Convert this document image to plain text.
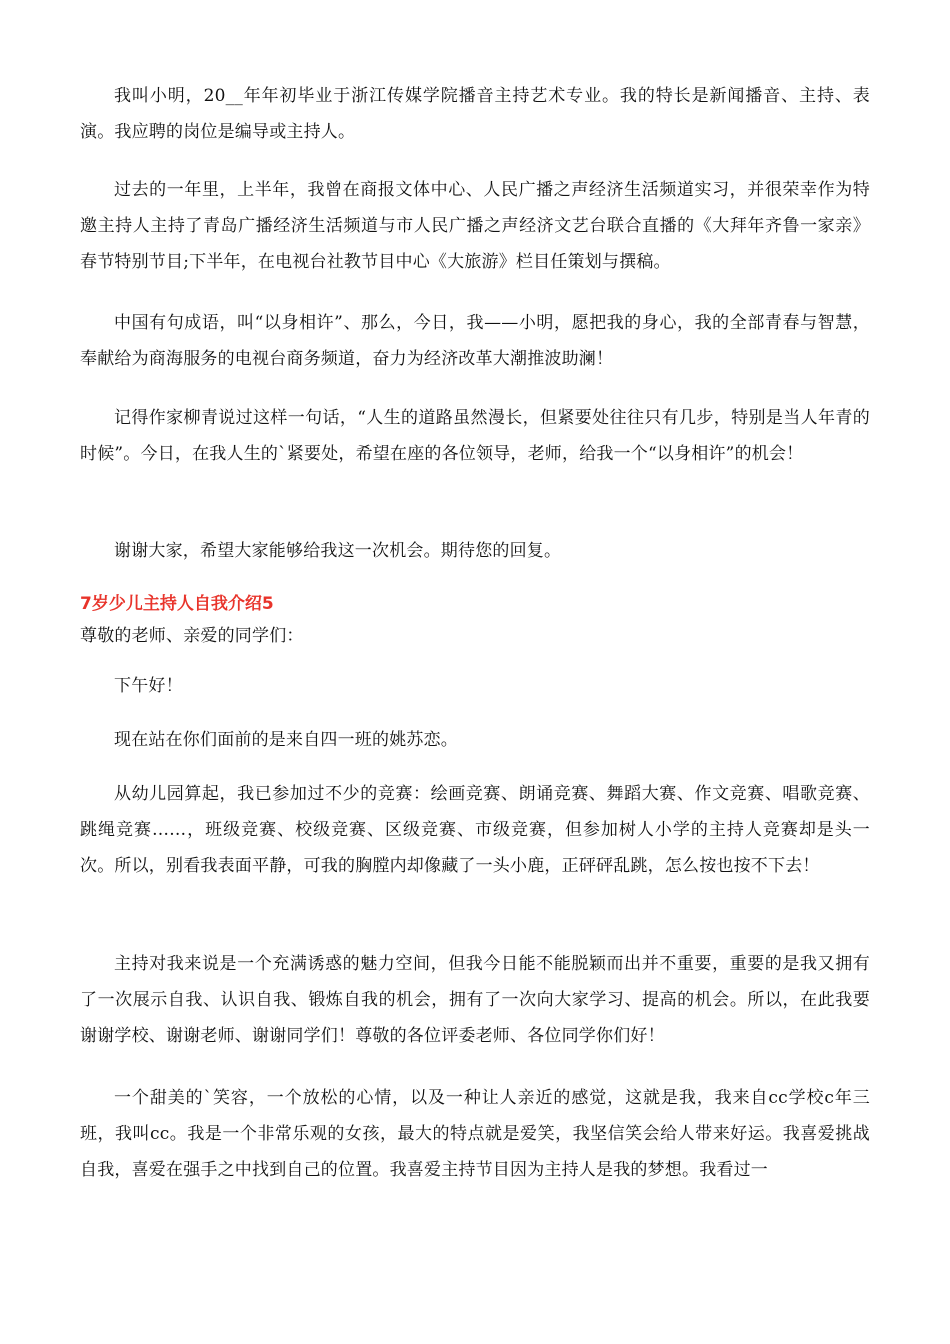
我叫小明，20__年年初毕业于浙江传媒学院播音主持艺术专业。我的特长是新闻播音、主持、表演。我应聘的岗位是编导或主持人。

过去的一年里，上半年，我曾在商报文体中心、人民广播之声经济生活频道实习，并很荣幸作为特邀主持人主持了青岛广播经济生活频道与市人民广播之声经济文艺台联合直播的《大拜年齐鲁一家亲》春节特别节目;下半年，在电视台社教节目中心《大旅游》栏目任策划与撰稿。

中国有句成语，叫“以身相许”、那么，今日，我——小明，愿把我的身心，我的全部青春与智慧，奉献给为商海服务的电视台商务频道，奋力为经济改革大潮推波助澜！

记得作家柳青说过这样一句话，“人生的道路虽然漫长，但紧要处往往只有几步，特别是当人年青的时候”。今日，在我人生的`紧要处，希望在座的各位领导，老师，给我一个“以身相许”的机会！

谢谢大家，希望大家能够给我这一次机会。期待您的回复。

7岁少儿主持人自我介绍5

尊敬的老师、亲爱的同学们：

下午好！

现在站在你们面前的是来自四一班的姚苏恋。

从幼儿园算起，我已参加过不少的竞赛：绘画竞赛、朗诵竞赛、舞蹈大赛、作文竞赛、唱歌竞赛、跳绳竞赛……，班级竞赛、校级竞赛、区级竞赛、市级竞赛，但参加树人小学的主持人竞赛却是头一次。所以，别看我表面平静，可我的胸膛内却像藏了一头小鹿，正砰砰乱跳，怎么按也按不下去！

主持对我来说是一个充满诱惑的魅力空间，但我今日能不能脱颖而出并不重要，重要的是我又拥有了一次展示自我、认识自我、锻炼自我的机会，拥有了一次向大家学习、提高的机会。所以，在此我要谢谢学校、谢谢老师、谢谢同学们！尊敬的各位评委老师、各位同学你们好！

一个甜美的`笑容，一个放松的心情，以及一种让人亲近的感觉，这就是我，我来自cc学校c年三班，我叫cc。我是一个非常乐观的女孩，最大的特点就是爱笑，我坚信笑会给人带来好运。我喜爱挑战自我，喜爱在强手之中找到自己的位置。我喜爱主持节目因为主持人是我的梦想。我看过一
